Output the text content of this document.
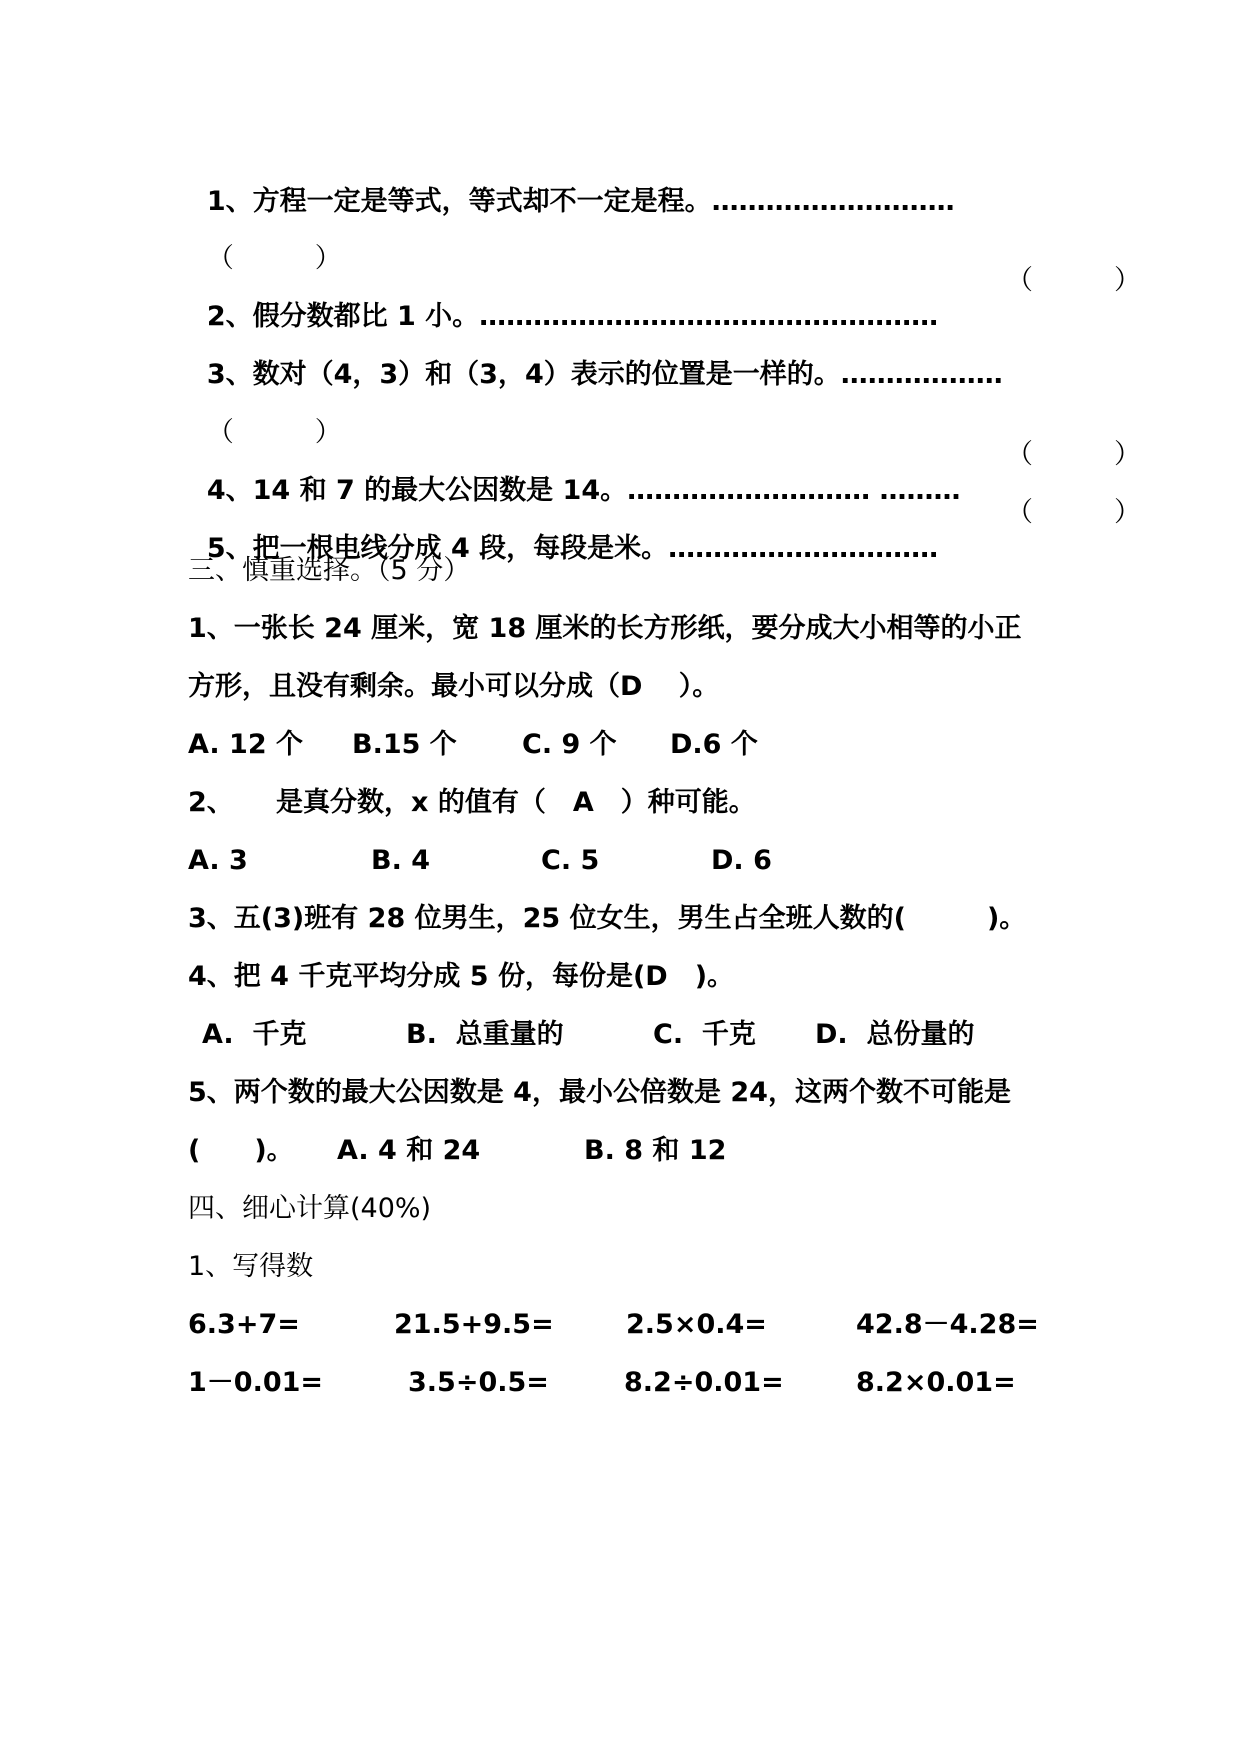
1、方程一定是等式，等式却不一定是程。………………………

（　　　）

2、假分数都比 1 小。……………………………………………

（　　　）

3、数对（4，3）和（3，4）表示的位置是一样的。………………

（　　　）

4、14 和 7 的最大公因数是 14。……………………… ………

（　　　）

5、把一根电线分成 4 段，每段是米。…………………………

（　　　）

三、慎重选择。（5 分）
1、一张长 24 厘米，宽 18 厘米的长方形纸，要分成大小相等的小正
方形，且没有剩余。最小可以分成（D　 ）。
A. 12 个 B.15 个 C. 9 个 D.6 个
2、 是真分数，x 的值有（　A　）种可能。
A. 3	B. 4	C. 5	D. 6
3、五(3)班有 28 位男生，25 位女生，男生占全班人数的(　　　)。
4、把 4 千克平均分成 5 份，每份是(D　)。
A.  千克	B.  总重量的	C.  千克 D.  总份量的
5、两个数的最大公因数是 4，最小公倍数是 24，这两个数不可能是
(　　)。 A. 4 和 24	B. 8 和 12
四、细心计算(40%)
1、写得数
6.3+7=	21.5+9.5=	2.5×0.4=	42.8－4.28=
1－0.01=	3.5÷0.5=	8.2÷0.01=	8.2×0.01=
